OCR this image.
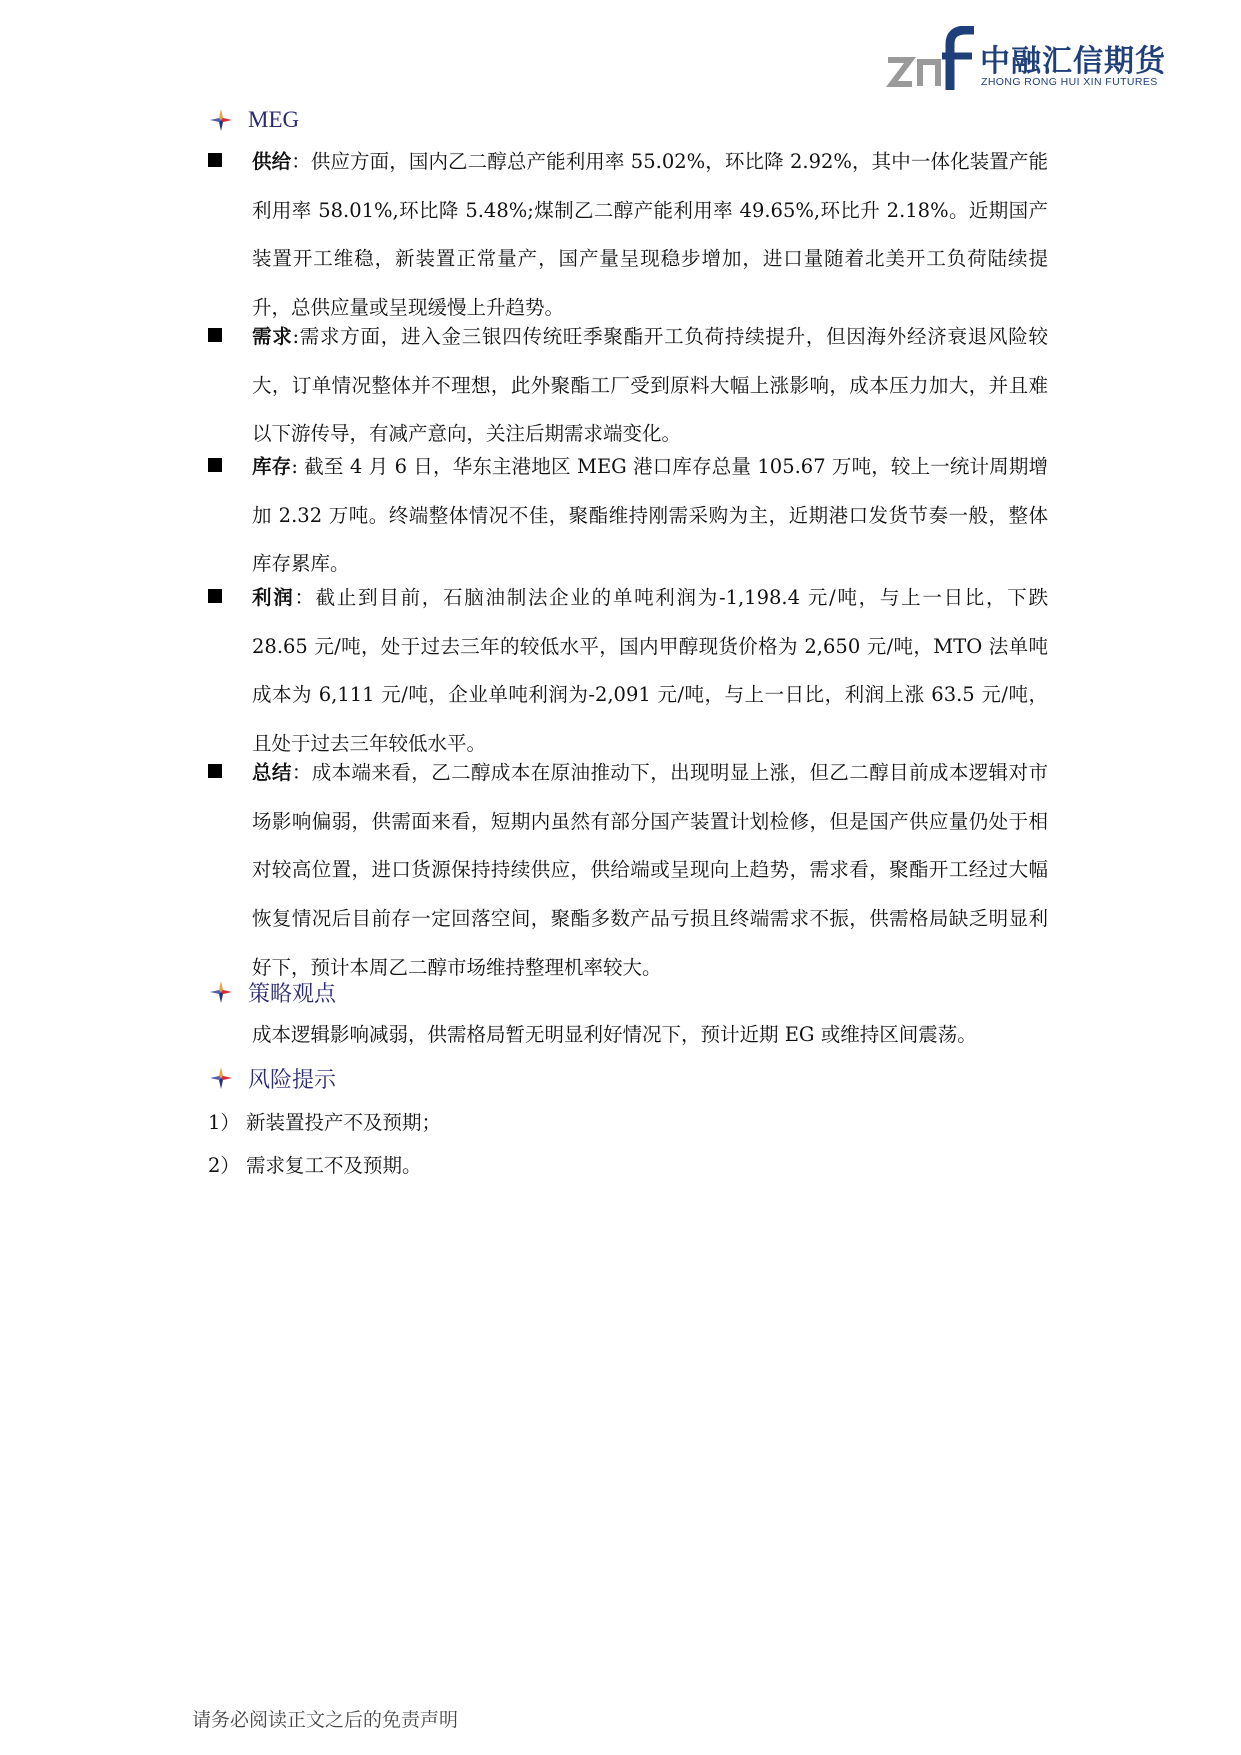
中融汇信期货
ZHONG RONG HUI XIN FUTURES
MEG
供给：供应方面，国内乙二醇总产能利用率 55.02%，环比降 2.92%，其中一体化装置产能利用率 58.01%,环比降 5.48%;煤制乙二醇产能利用率 49.65%,环比升 2.18%。近期国产装置开工维稳，新装置正常量产，国产量呈现稳步增加，进口量随着北美开工负荷陆续提升，总供应量或呈现缓慢上升趋势。
需求:需求方面，进入金三银四传统旺季聚酯开工负荷持续提升，但因海外经济衰退风险较大，订单情况整体并不理想，此外聚酯工厂受到原料大幅上涨影响，成本压力加大，并且难以下游传导，有减产意向，关注后期需求端变化。
库存: 截至 4 月 6 日，华东主港地区 MEG 港口库存总量 105.67 万吨，较上一统计周期增加 2.32 万吨。终端整体情况不佳，聚酯维持刚需采购为主，近期港口发货节奏一般，整体库存累库。
利润：截止到目前，石脑油制法企业的单吨利润为-1,198.4 元/吨，与上一日比，下跌 28.65 元/吨，处于过去三年的较低水平，国内甲醇现货价格为 2,650 元/吨，MTO 法单吨成本为 6,111 元/吨，企业单吨利润为-2,091 元/吨，与上一日比，利润上涨 63.5 元/吨，且处于过去三年较低水平。
总结：成本端来看，乙二醇成本在原油推动下，出现明显上涨，但乙二醇目前成本逻辑对市场影响偏弱，供需面来看，短期内虽然有部分国产装置计划检修，但是国产供应量仍处于相对较高位置，进口货源保持持续供应，供给端或呈现向上趋势，需求看，聚酯开工经过大幅恢复情况后目前存一定回落空间，聚酯多数产品亏损且终端需求不振，供需格局缺乏明显利好下，预计本周乙二醇市场维持整理机率较大。
策略观点
成本逻辑影响减弱，供需格局暂无明显利好情况下，预计近期 EG 或维持区间震荡。
风险提示
1） 新装置投产不及预期；
2） 需求复工不及预期。
请务必阅读正文之后的免责声明
